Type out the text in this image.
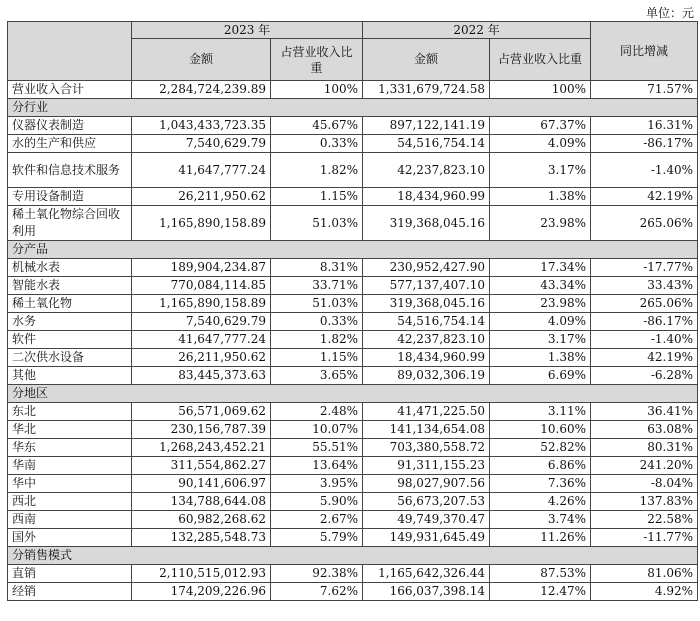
单位：元
	2023 年		2022 年		同比增减
	金额	占营业收入比重	金额	占营业收入比重	
营业收入合计	2,284,724,239.89	100%	1,331,679,724.58	100%	71.57%
分行业					
仪器仪表制造	1,043,433,723.35	45.67%	897,122,141.19	67.37%	16.31%
水的生产和供应	7,540,629.79	0.33%	54,516,754.14	4.09%	-86.17%
软件和信息技术服务	41,647,777.24	1.82%	42,237,823.10	3.17%	-1.40%
专用设备制造	26,211,950.62	1.15%	18,434,960.99	1.38%	42.19%
稀土氧化物综合回收利用	1,165,890,158.89	51.03%	319,368,045.16	23.98%	265.06%
分产品					
机械水表	189,904,234.87	8.31%	230,952,427.90	17.34%	-17.77%
智能水表	770,084,114.85	33.71%	577,137,407.10	43.34%	33.43%
稀土氧化物	1,165,890,158.89	51.03%	319,368,045.16	23.98%	265.06%
水务	7,540,629.79	0.33%	54,516,754.14	4.09%	-86.17%
软件	41,647,777.24	1.82%	42,237,823.10	3.17%	-1.40%
二次供水设备	26,211,950.62	1.15%	18,434,960.99	1.38%	42.19%
其他	83,445,373.63	3.65%	89,032,306.19	6.69%	-6.28%
分地区					
东北	56,571,069.62	2.48%	41,471,225.50	3.11%	36.41%
华北	230,156,787.39	10.07%	141,134,654.08	10.60%	63.08%
华东	1,268,243,452.21	55.51%	703,380,558.72	52.82%	80.31%
华南	311,554,862.27	13.64%	91,311,155.23	6.86%	241.20%
华中	90,141,606.97	3.95%	98,027,907.56	7.36%	-8.04%
西北	134,788,644.08	5.90%	56,673,207.53	4.26%	137.83%
西南	60,982,268.62	2.67%	49,749,370.47	3.74%	22.58%
国外	132,285,548.73	5.79%	149,931,645.49	11.26%	-11.77%
分销售模式					
直销	2,110,515,012.93	92.38%	1,165,642,326.44	87.53%	81.06%
经销	174,209,226.96	7.62%	166,037,398.14	12.47%	4.92%
